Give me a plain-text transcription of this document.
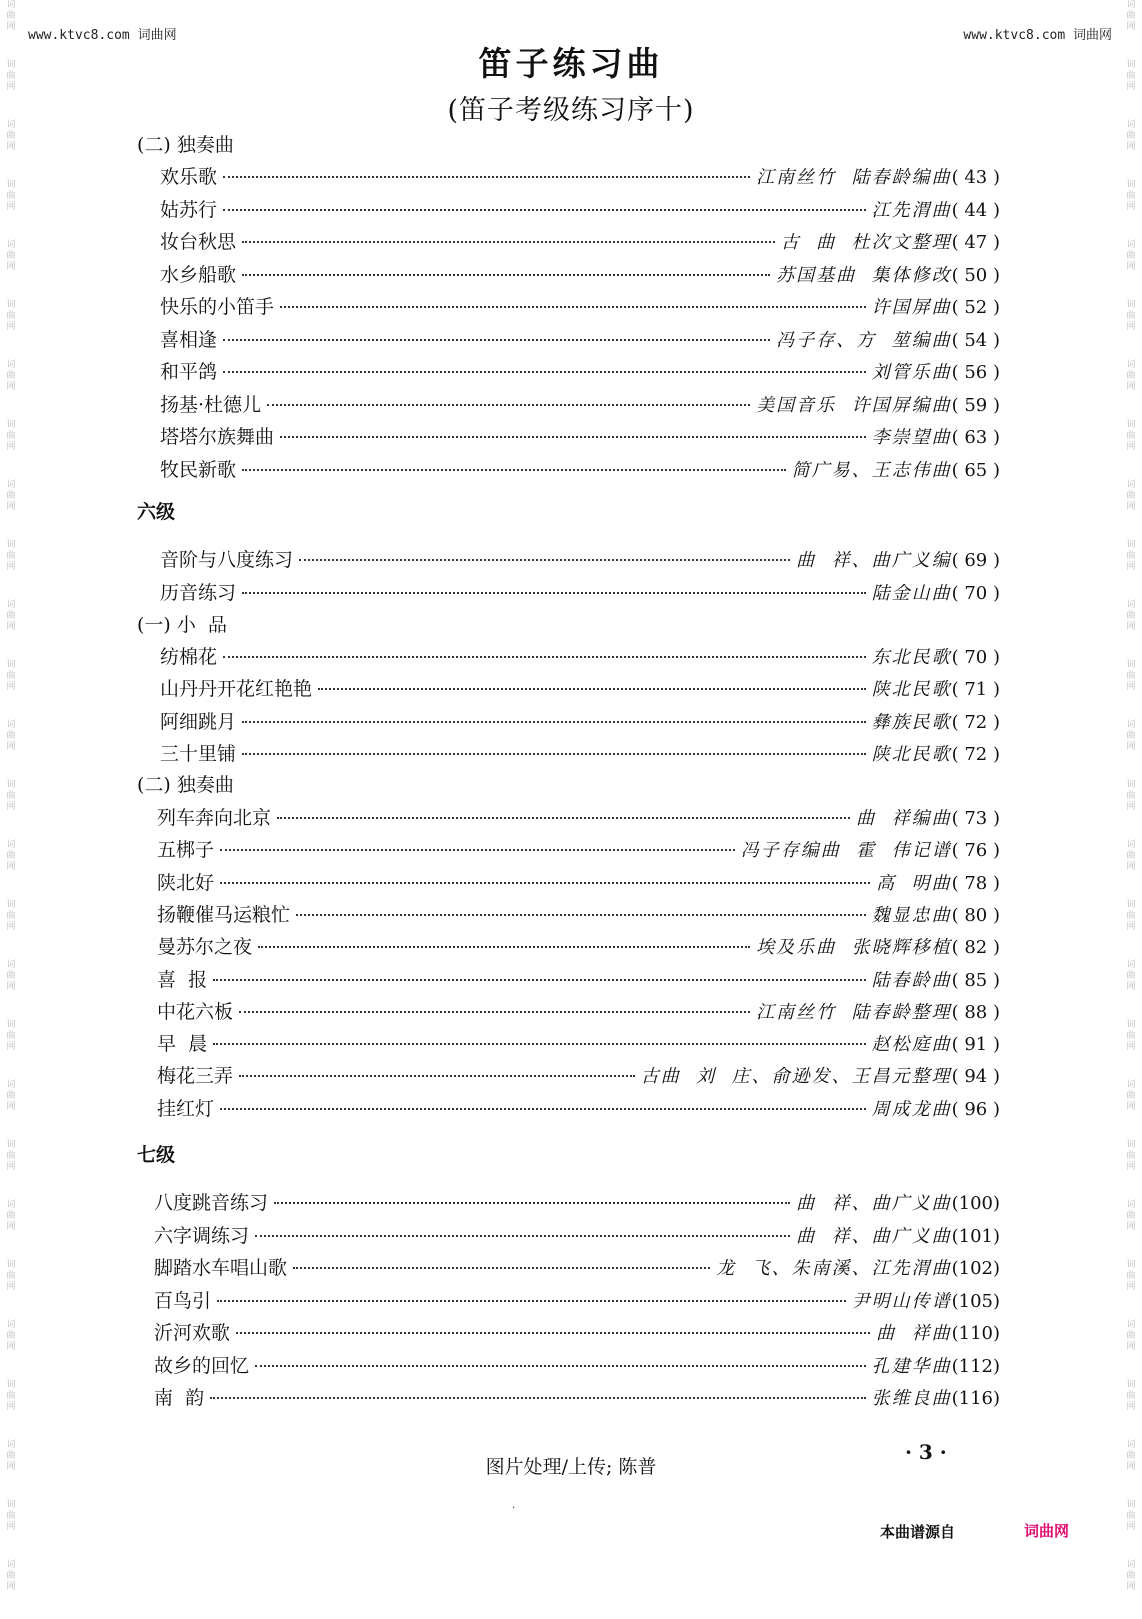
词
曲
网
词
曲
网
词
曲
网
词
曲
网
词
曲
网
词
曲
网
词
曲
网
词
曲
网
词
曲
网
词
曲
网
词
曲
网
词
曲
网
词
曲
网
词
曲
网
词
曲
网
词
曲
网
词
曲
网
词
曲
网
词
曲
网
词
曲
网
词
曲
网
词
曲
网
词
曲
网
词
曲
网
词
曲
网
词
曲
网
词
曲
网
词
曲
网
词
曲
网
词
曲
网
词
曲
网
词
曲
网
词
曲
网
词
曲
网
词
曲
网
词
曲
网
词
曲
网
词
曲
网
词
曲
网
词
曲
网
词
曲
网
词
曲
网
词
曲
网
词
曲
网
词
曲
网
词
曲
网
词
曲
网
词
曲
网
词
曲
网
词
曲
网
词
曲
网
词
曲
网
词
曲
网
词
曲
网
www.ktvc8.com 词曲网	www.ktvc8.com 词曲网
笛子练习曲
(笛子考级练习序十)
(二) 独奏曲
欢乐歌	江南丝竹  陆春龄编曲 ( 43 )
姑苏行	江先渭曲 ( 44 )
妆台秋思	古  曲  杜次文整理 ( 47 )
水乡船歌	苏国基曲  集体修改 ( 50 )
快乐的小笛手	许国屏曲 ( 52 )
喜相逢	冯子存、方  堃编曲 ( 54 )
和平鸽	刘管乐曲 ( 56 )
扬基·杜德儿	美国音乐  许国屏编曲 ( 59 )
塔塔尔族舞曲	李崇望曲 ( 63 )
牧民新歌	简广易、王志伟曲 ( 65 )
六级
音阶与八度练习	曲  祥、曲广义编 ( 69 )
历音练习	陆金山曲 ( 70 )
(一) 小  品
纺棉花	东北民歌 ( 70 )
山丹丹开花红艳艳	陕北民歌 ( 71 )
阿细跳月	彝族民歌 ( 72 )
三十里铺	陕北民歌 ( 72 )
(二) 独奏曲
列车奔向北京	曲  祥编曲 ( 73 )
五梆子	冯子存编曲  霍  伟记谱 ( 76 )
陕北好	高  明曲 ( 78 )
扬鞭催马运粮忙	魏显忠曲 ( 80 )
曼苏尔之夜	埃及乐曲  张晓辉移植 ( 82 )
喜  报	陆春龄曲 ( 85 )
中花六板	江南丝竹  陆春龄整理 ( 88 )
早  晨	赵松庭曲 ( 91 )
梅花三弄	古曲  刘  庄、俞逊发、王昌元整理 ( 94 )
挂红灯	周成龙曲 ( 96 )
七级
八度跳音练习	曲  祥、曲广义曲 (100)
六字调练习	曲  祥、曲广义曲 (101)
脚踏水车唱山歌	龙  飞、朱南溪、江先渭曲 (102)
百鸟引	尹明山传谱 (105)
沂河欢歌	曲  祥曲 (110)
故乡的回忆	孔建华曲 (112)
南  韵	张维良曲 (116)
· 3 ·
图片处理/上传; 陈普
.
本曲谱源自	词曲网
